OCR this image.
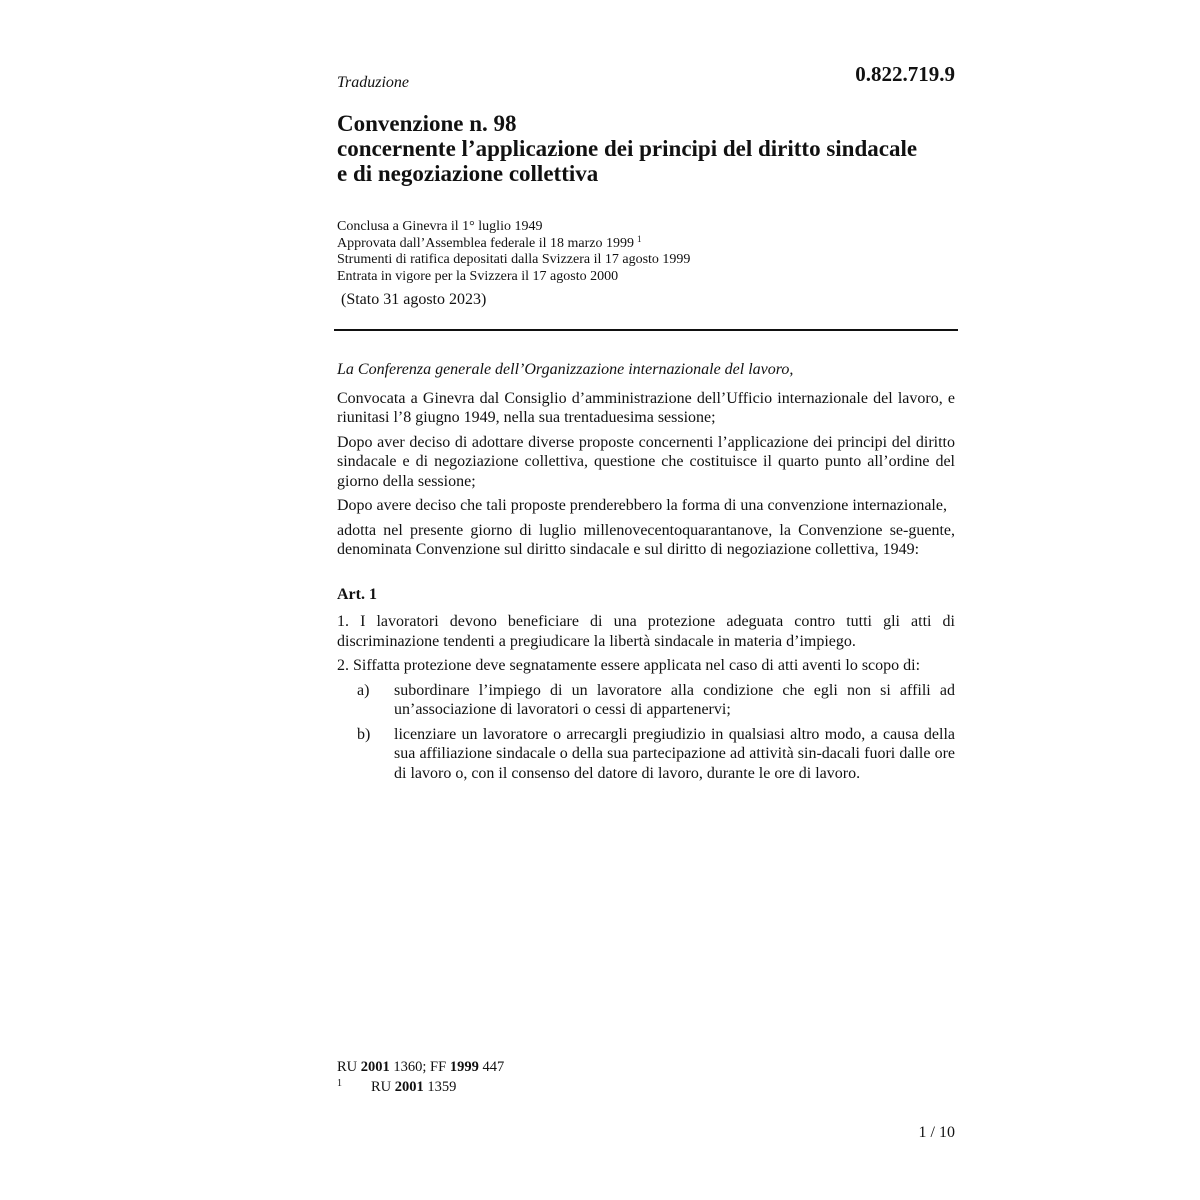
Traduzione	0.822.719.9
Convenzione n. 98
concernente l’applicazione dei principi del diritto sindacale
e di negoziazione collettiva
Conclusa a Ginevra il 1° luglio 1949
Approvata dall’Assemblea federale il 18 marzo 1999 $^1$
Strumenti di ratifica depositati dalla Svizzera il 17 agosto 1999
Entrata in vigore per la Svizzera il 17 agosto 2000
(Stato 31 agosto 2023)

La Conferenza generale dell’Organizzazione internazionale del lavoro,

Convocata a Ginevra dal Consiglio d’amministrazione dell’Ufficio internazionale del lavoro, e riunitasi l’8 giugno 1949, nella sua trentaduesima sessione;

Dopo aver deciso di adottare diverse proposte concernenti l’applicazione dei principi del diritto sindacale e di negoziazione collettiva, questione che costituisce il quarto punto all’ordine del giorno della sessione;

Dopo avere deciso che tali proposte prenderebbero la forma di una convenzione internazionale,

adotta nel presente giorno di luglio millenovecentoquarantanove, la Convenzione se-guente, denominata Convenzione sul diritto sindacale e sul diritto di negoziazione collettiva, 1949:

Art. 1

1. I lavoratori devono beneficiare di una protezione adeguata contro tutti gli atti di discriminazione tendenti a pregiudicare la libertà sindacale in materia d’impiego.

2. Siffatta protezione deve segnatamente essere applicata nel caso di atti aventi lo scopo di:

a)	subordinare l’impiego di un lavoratore alla condizione che egli non si affili ad un’associazione di lavoratori o cessi di appartenervi;
b)	licenziare un lavoratore o arrecargli pregiudizio in qualsiasi altro modo, a causa della sua affiliazione sindacale o della sua partecipazione ad attività sin-dacali fuori dalle ore di lavoro o, con il consenso del datore di lavoro, durante le ore di lavoro.
RU 2001 1360; FF 1999 447
1	RU 2001 1359
1 / 10
